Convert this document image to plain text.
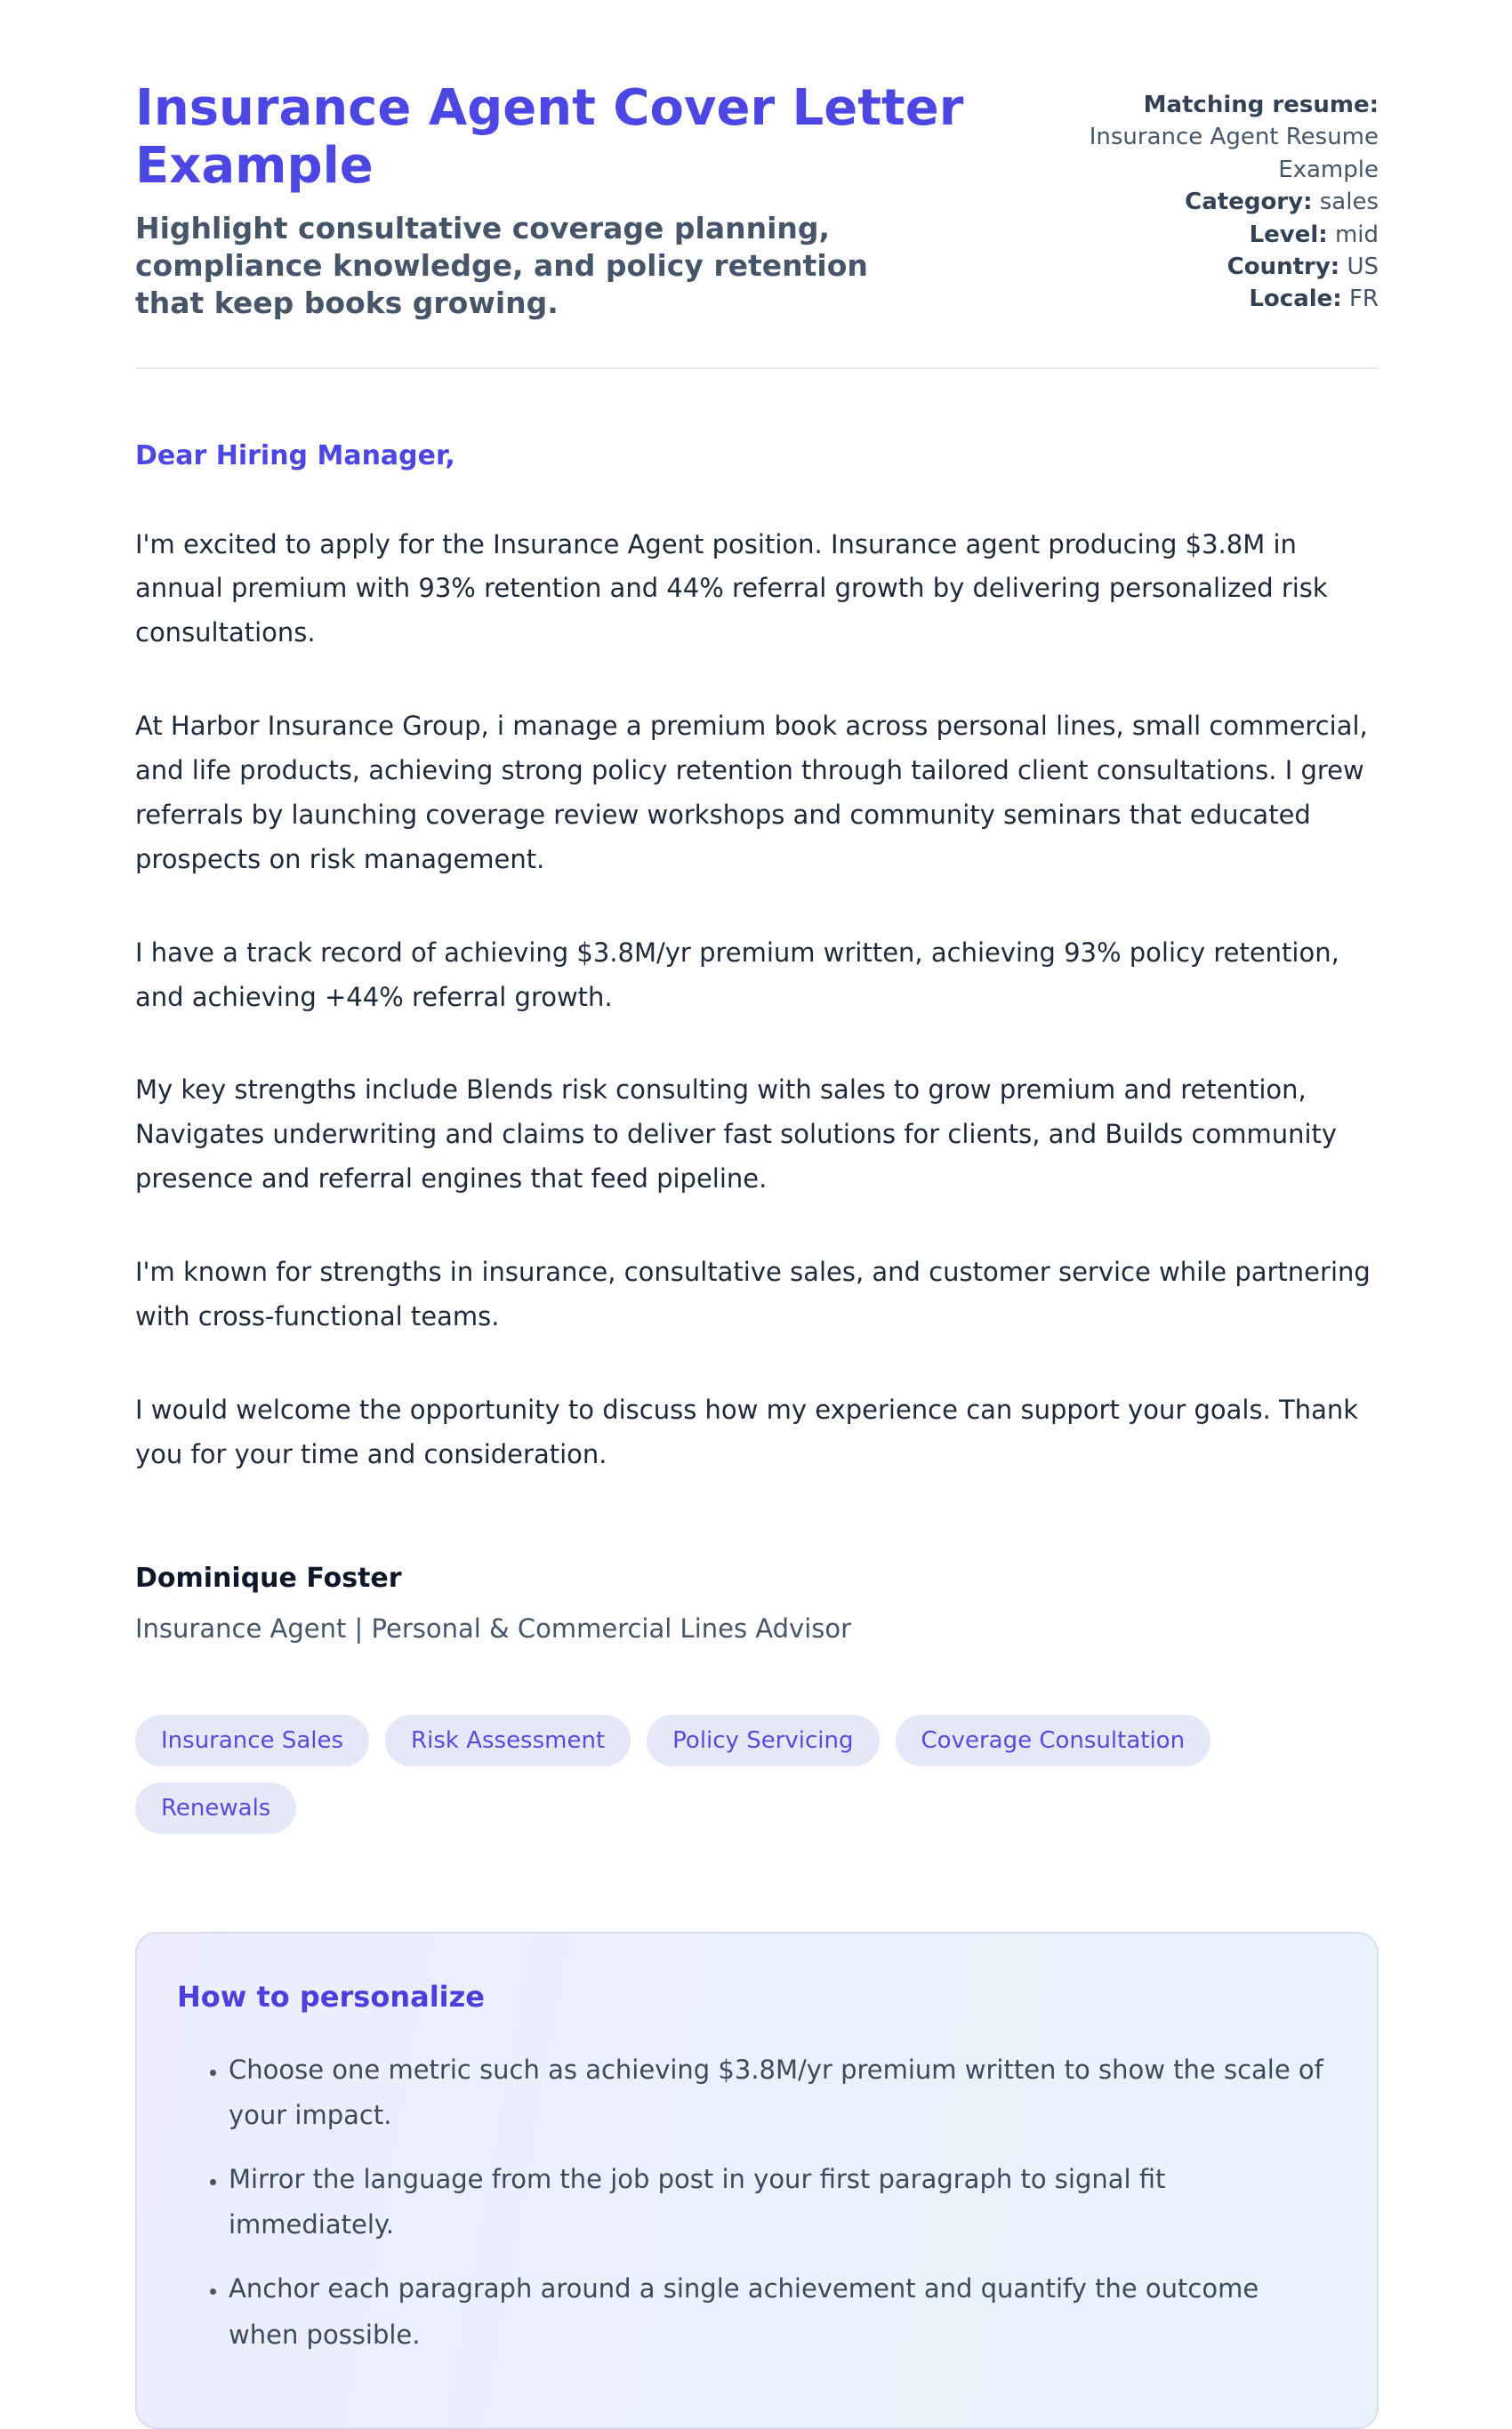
Insurance Agent Cover Letter Example
Highlight consultative coverage planning, compliance knowledge, and policy retention that keep books growing.
Matching resume:
Insurance Agent Resume
Example
Category: sales
Level: mid
Country: US
Locale: FR
Dear Hiring Manager,

I'm excited to apply for the Insurance Agent position. Insurance agent producing $3.8M in annual premium with 93% retention and 44% referral growth by delivering personalized risk consultations.

At Harbor Insurance Group, i manage a premium book across personal lines, small commercial, and life products, achieving strong policy retention through tailored client consultations. I grew referrals by launching coverage review workshops and community seminars that educated prospects on risk management.

I have a track record of achieving $3.8M/yr premium written, achieving 93% policy retention, and achieving +44% referral growth.

My key strengths include Blends risk consulting with sales to grow premium and retention, Navigates underwriting and claims to deliver fast solutions for clients, and Builds community presence and referral engines that feed pipeline.

I'm known for strengths in insurance, consultative sales, and customer service while partnering with cross-functional teams.

I would welcome the opportunity to discuss how my experience can support your goals. Thank you for your time and consideration.

Dominique Foster
Insurance Agent | Personal & Commercial Lines Advisor
Insurance Sales	Risk Assessment	Policy Servicing	Coverage Consultation
Renewals
How to personalize
• Choose one metric such as achieving $3.8M/yr premium written to show the scale of your impact.
• Mirror the language from the job post in your first paragraph to signal fit immediately.
• Anchor each paragraph around a single achievement and quantify the outcome when possible.
